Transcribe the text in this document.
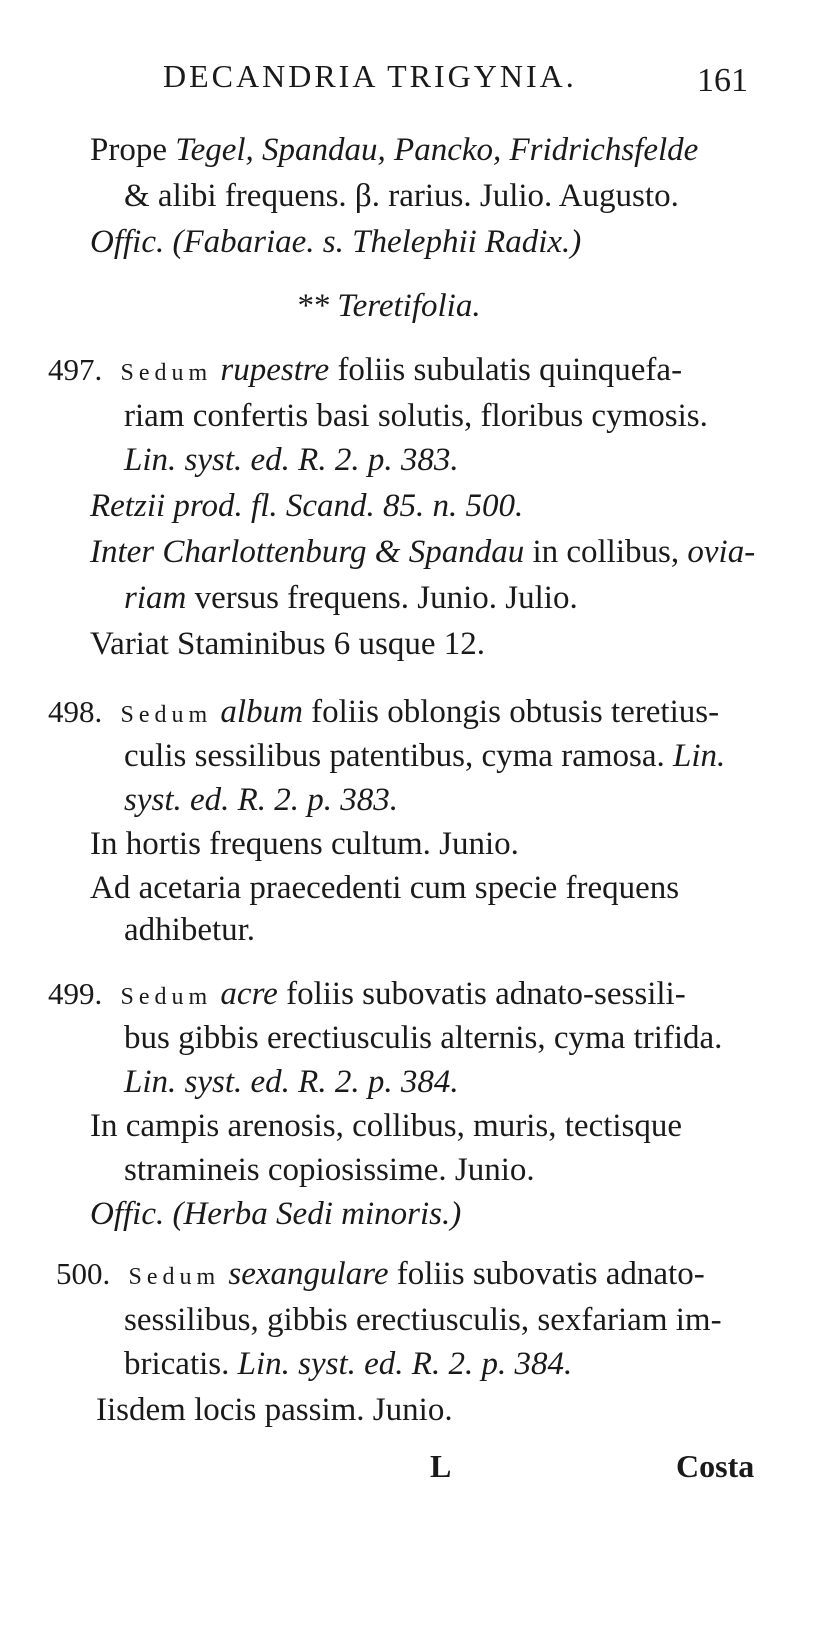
DECANDRIA TRIGYNIA.	161
Prope Tegel, Spandau, Pancko, Fridrichsfelde
& alibi frequens. β. rarius. Julio. Augusto.
Offic. (Fabariae. s. Thelephii Radix.)
** Teretifolia.
497. Sedum rupestre foliis subulatis quinquefa-
riam confertis basi solutis, floribus cymosis.
Lin. syst. ed. R. 2. p. 383.
Retzii prod. fl. Scand. 85. n. 500.
Inter Charlottenburg & Spandau in collibus, ovia-
riam versus frequens. Junio. Julio.
Variat Staminibus 6 usque 12.
498. Sedum album foliis oblongis obtusis teretius-
culis sessilibus patentibus, cyma ramosa. Lin.
syst. ed. R. 2. p. 383.
In hortis frequens cultum. Junio.
Ad acetaria praecedenti cum specie frequens
adhibetur.
499. Sedum acre foliis subovatis adnato-sessili-
bus gibbis erectiusculis alternis, cyma trifida.
Lin. syst. ed. R. 2. p. 384.
In campis arenosis, collibus, muris, tectisque
stramineis copiosissime. Junio.
Offic. (Herba Sedi minoris.)
500. Sedum sexangulare foliis subovatis adnato-
sessilibus, gibbis erectiusculis, sexfariam im-
bricatis. Lin. syst. ed. R. 2. p. 384.
Iisdem locis passim. Junio.
L	Costa
